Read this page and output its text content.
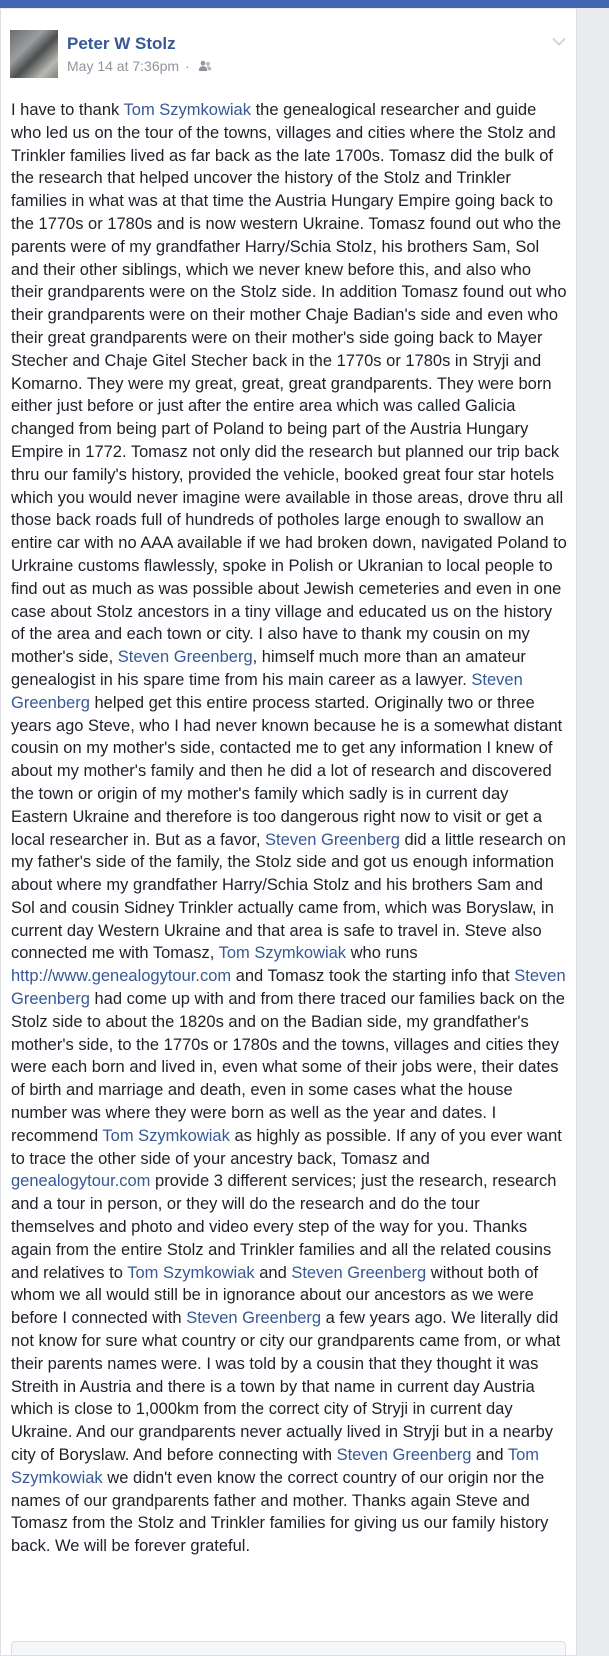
Peter W Stolz
May 14 at 7:36pm ·

I have to thank Tom Szymkowiak the genealogical researcher and guide who led us on the tour of the towns, villages and cities where the Stolz and Trinkler families lived as far back as the late 1700s. Tomasz did the bulk of the research that helped uncover the history of the Stolz and Trinkler families in what was at that time the Austria Hungary Empire going back to the 1770s or 1780s and is now western Ukraine. Tomasz found out who the parents were of my grandfather Harry/Schia Stolz, his brothers Sam, Sol and their other siblings, which we never knew before this, and also who their grandparents were on the Stolz side. In addition Tomasz found out who their grandparents were on their mother Chaje Badian's side and even who their great grandparents were on their mother's side going back to Mayer Stecher and Chaje Gitel Stecher back in the 1770s or 1780s in Stryji and Komarno. They were my great, great, great grandparents. They were born either just before or just after the entire area which was called Galicia changed from being part of Poland to being part of the Austria Hungary Empire in 1772. Tomasz not only did the research but planned our trip back thru our family's history, provided the vehicle, booked great four star hotels which you would never imagine were available in those areas, drove thru all those back roads full of hundreds of potholes large enough to swallow an entire car with no AAA available if we had broken down, navigated Poland to Urkraine customs flawlessly, spoke in Polish or Ukranian to local people to find out as much as was possible about Jewish cemeteries and even in one case about Stolz ancestors in a tiny village and educated us on the history of the area and each town or city. I also have to thank my cousin on my mother's side, Steven Greenberg, himself much more than an amateur genealogist in his spare time from his main career as a lawyer. Steven Greenberg helped get this entire process started. Originally two or three years ago Steve, who I had never known because he is a somewhat distant cousin on my mother's side, contacted me to get any information I knew of about my mother's family and then he did a lot of research and discovered the town or origin of my mother's family which sadly is in current day Eastern Ukraine and therefore is too dangerous right now to visit or get a local researcher in. But as a favor, Steven Greenberg did a little research on my father's side of the family, the Stolz side and got us enough information about where my grandfather Harry/Schia Stolz and his brothers Sam and Sol and cousin Sidney Trinkler actually came from, which was Boryslaw, in current day Western Ukraine and that area is safe to travel in. Steve also connected me with Tomasz, Tom Szymkowiak who runs http://www.genealogytour.com and Tomasz took the starting info that Steven Greenberg had come up with and from there traced our families back on the Stolz side to about the 1820s and on the Badian side, my grandfather's mother's side, to the 1770s or 1780s and the towns, villages and cities they were each born and lived in, even what some of their jobs were, their dates of birth and marriage and death, even in some cases what the house number was where they were born as well as the year and dates. I recommend Tom Szymkowiak as highly as possible. If any of you ever want to trace the other side of your ancestry back, Tomasz and genealogytour.com provide 3 different services; just the research, research and a tour in person, or they will do the research and do the tour themselves and photo and video every step of the way for you. Thanks again from the entire Stolz and Trinkler families and all the related cousins and relatives to Tom Szymkowiak and Steven Greenberg without both of whom we all would still be in ignorance about our ancestors as we were before I connected with Steven Greenberg a few years ago. We literally did not know for sure what country or city our grandparents came from, or what their parents names were. I was told by a cousin that they thought it was Streith in Austria and there is a town by that name in current day Austria which is close to 1,000km from the correct city of Stryji in current day Ukraine. And our grandparents never actually lived in Stryji but in a nearby city of Boryslaw. And before connecting with Steven Greenberg and Tom Szymkowiak we didn't even know the correct country of our origin nor the names of our grandparents father and mother. Thanks again Steve and Tomasz from the Stolz and Trinkler families for giving us our family history back. We will be forever grateful.
